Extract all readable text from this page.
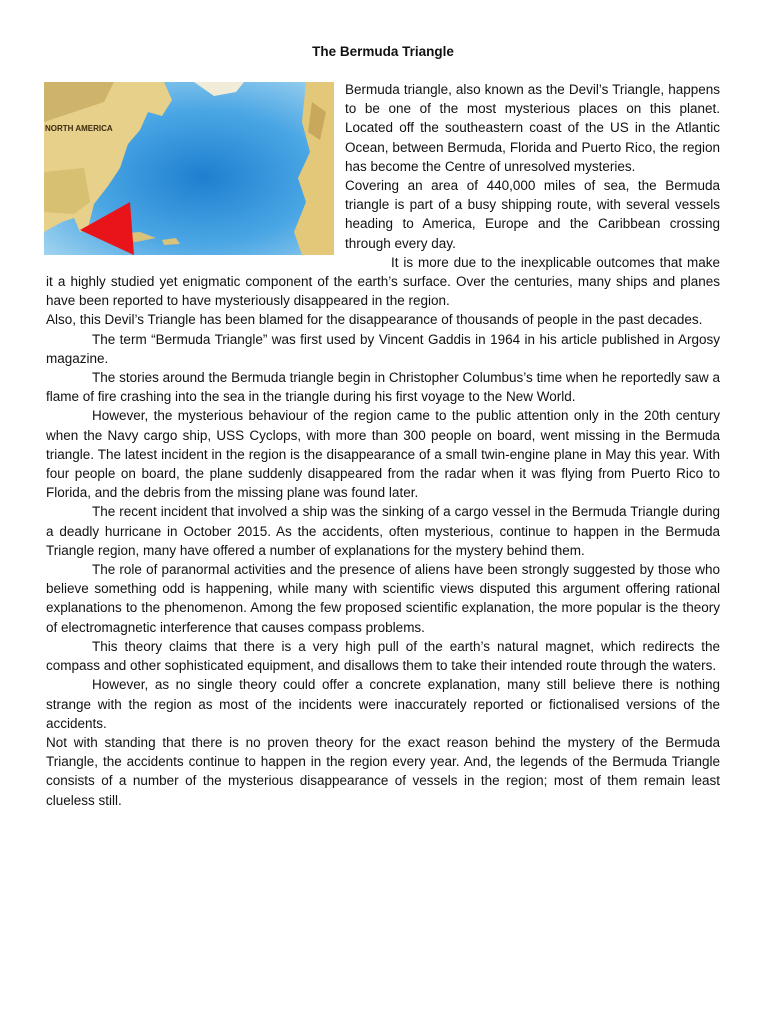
The Bermuda Triangle
NORTH AMERICA

Bermuda triangle, also known as the Devil’s Triangle, happens to be one of the most mysterious places on this planet. Located off the southeastern coast of the US in the Atlantic Ocean, between Bermuda, Florida and Puerto Rico, the region has become the Centre of unresolved mysteries.

Covering an area of 440,000 miles of sea, the Bermuda triangle is part of a busy shipping route, with several vessels heading to America, Europe and the Caribbean crossing through every day.

It is more due to the inexplicable outcomes that make it a highly studied yet enigmatic component of the earth’s surface. Over the centuries, many ships and planes have been reported to have mysteriously disappeared in the region.

Also, this Devil’s Triangle has been blamed for the disappearance of thousands of people in the past decades.

The term “Bermuda Triangle” was first used by Vincent Gaddis in 1964 in his article published in Argosy magazine.

The stories around the Bermuda triangle begin in Christopher Columbus’s time when he reportedly saw a flame of fire crashing into the sea in the triangle during his first voyage to the New World.

However, the mysterious behaviour of the region came to the public attention only in the 20th century when the Navy cargo ship, USS Cyclops, with more than 300 people on board, went missing in the Bermuda triangle. The latest incident in the region is the disappearance of a small twin-engine plane in May this year. With four people on board, the plane suddenly disappeared from the radar when it was flying from Puerto Rico to Florida, and the debris from the missing plane was found later.

The recent incident that involved a ship was the sinking of a cargo vessel in the Bermuda Triangle during a deadly hurricane in October 2015. As the accidents, often mysterious, continue to happen in the Bermuda Triangle region, many have offered a number of explanations for the mystery behind them.

The role of paranormal activities and the presence of aliens have been strongly suggested by those who believe something odd is happening, while many with scientific views disputed this argument offering rational explanations to the phenomenon. Among the few proposed scientific explanation, the more popular is the theory of electromagnetic interference that causes compass problems.

This theory claims that there is a very high pull of the earth’s natural magnet, which redirects the compass and other sophisticated equipment, and disallows them to take their intended route through the waters.

However, as no single theory could offer a concrete explanation, many still believe there is nothing strange with the region as most of the incidents were inaccurately reported or fictionalised versions of the accidents.

Not with standing that there is no proven theory for the exact reason behind the mystery of the Bermuda Triangle, the accidents continue to happen in the region every year. And, the legends of the Bermuda Triangle consists of a number of the mysterious disappearance of vessels in the region; most of them remain least clueless still.
